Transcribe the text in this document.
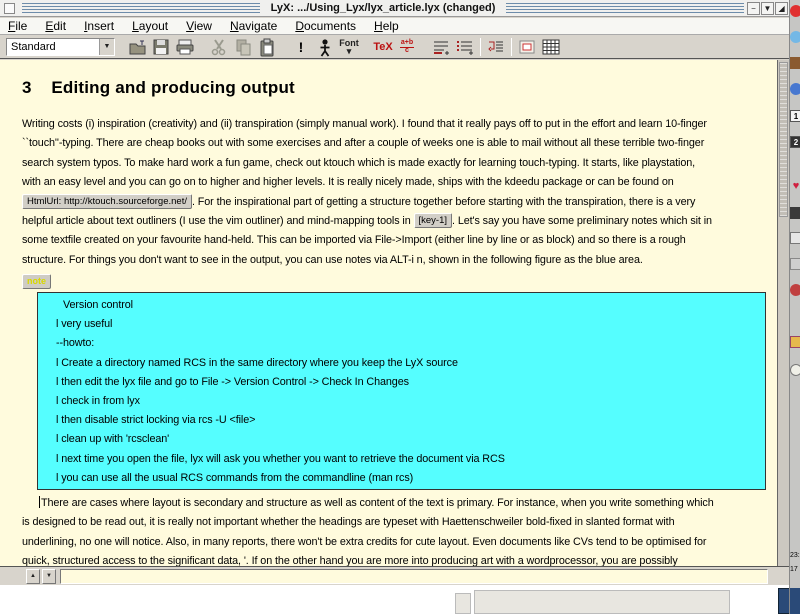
LyX: .../Using_Lyx/lyx_article.lyx (changed)	− ▼ ◢
File Edit Insert Layout View Navigate Documents Help
Standard	▼	!	Font
▾ TeX $\frac{a+b}{c}$
3    Editing and producing output
Writing costs (i) inspiration (creativity) and (ii) transpiration (simply manual work). I found that it really pays off to put in the effort and learn 10-finger
``touch''-typing. There are cheap books out with some exercises and after a couple of weeks one is able to mail without all these terrible two-finger
search system typos. To make hard work a fun game, check out ktouch which is made exactly for learning touch-typing. It starts, like playstation,
with an easy level and you can go on to higher and higher levels. It is really nicely made, ships with the kdeedu package or can be found on
HtmlUrl: http://ktouch.sourceforge.net/ . For the inspirational part of getting a structure together before starting with the transpiration, there is a very
helpful article about text outliners (I use the vim outliner) and mind-mapping tools in [key-1] . Let's say you have some preliminary notes which sit in
some textfile created on your favourite hand-held. This can be imported via File->Import (either line by line or as block) and so there is a rough
structure. For things you don't want to see in the output, you can use notes via ALT-i n, shown in the following figure as the blue area.
note
Version control
l very useful
--howto:
l Create a directory named RCS in the same directory where you keep the LyX source
l then edit the lyx file and go to File -> Version Control -> Check In Changes
l check in from lyx
l then disable strict locking via rcs -U <file>
l clean up with 'rcsclean'
l next time you open the file, lyx will ask you whether you want to retrieve the document via RCS
l you can use all the usual RCS commands from the commandline (man rcs)
There are cases where layout is secondary and structure as well as content of the text is primary. For instance, when you write something which
is designed to be read out, it is really not important whether the headings are typeset with Haettenschweiler bold-fixed in slanted format with
underlining, no one will notice. Also, in many reports, there won't be extra credits for cute layout. Even documents like CVs tend to be optimised for
quick, structured access to the significant data, '. If on the other hand you are more into producing art with a wordprocessor, you are possibly
▲	▼
1
2
♥
23:
17
